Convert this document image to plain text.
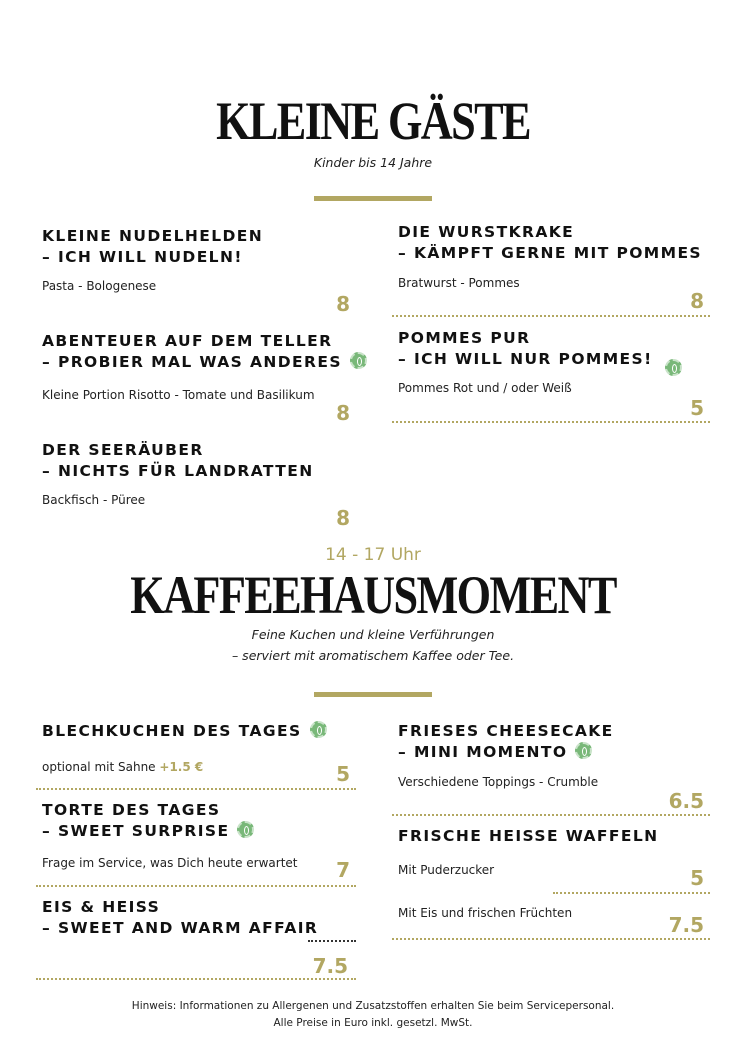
KLEINE GÄSTE
Kinder bis 14 Jahre
KLEINE NUDELHELDEN
– ICH WILL NUDELN!
Pasta - Bologenese
8
ABENTEUER AUF DEM TELLER
– PROBIER MAL WAS ANDERES
Kleine Portion Risotto - Tomate und Basilikum
8
DER SEERÄUBER
– NICHTS FÜR LANDRATTEN
Backfisch - Püree
8
DIE WURSTKRAKE
– KÄMPFT GERNE MIT POMMES
Bratwurst - Pommes
8
POMMES PUR
– ICH WILL NUR POMMES!
Pommes Rot und / oder Weiß
5
14 - 17 Uhr
KAFFEEHAUSMOMENT
Feine Kuchen und kleine Verführungen
– serviert mit aromatischem Kaffee oder Tee.
BLECHKUCHEN DES TAGES
optional mit Sahne +1.5 €	5
TORTE DES TAGES
– SWEET SURPRISE
Frage im Service, was Dich heute erwartet	7
EIS & HEISS
– SWEET AND WARM AFFAIR
7.5
FRIESES CHEESECAKE
– MINI MOMENTO
Verschiedene Toppings - Crumble
6.5
FRISCHE HEISSE WAFFELN
Mit Puderzucker	5
Mit Eis und frischen Früchten	7.5
Hinweis: Informationen zu Allergenen und Zusatzstoffen erhalten Sie beim Servicepersonal.
Alle Preise in Euro inkl. gesetzl. MwSt.
